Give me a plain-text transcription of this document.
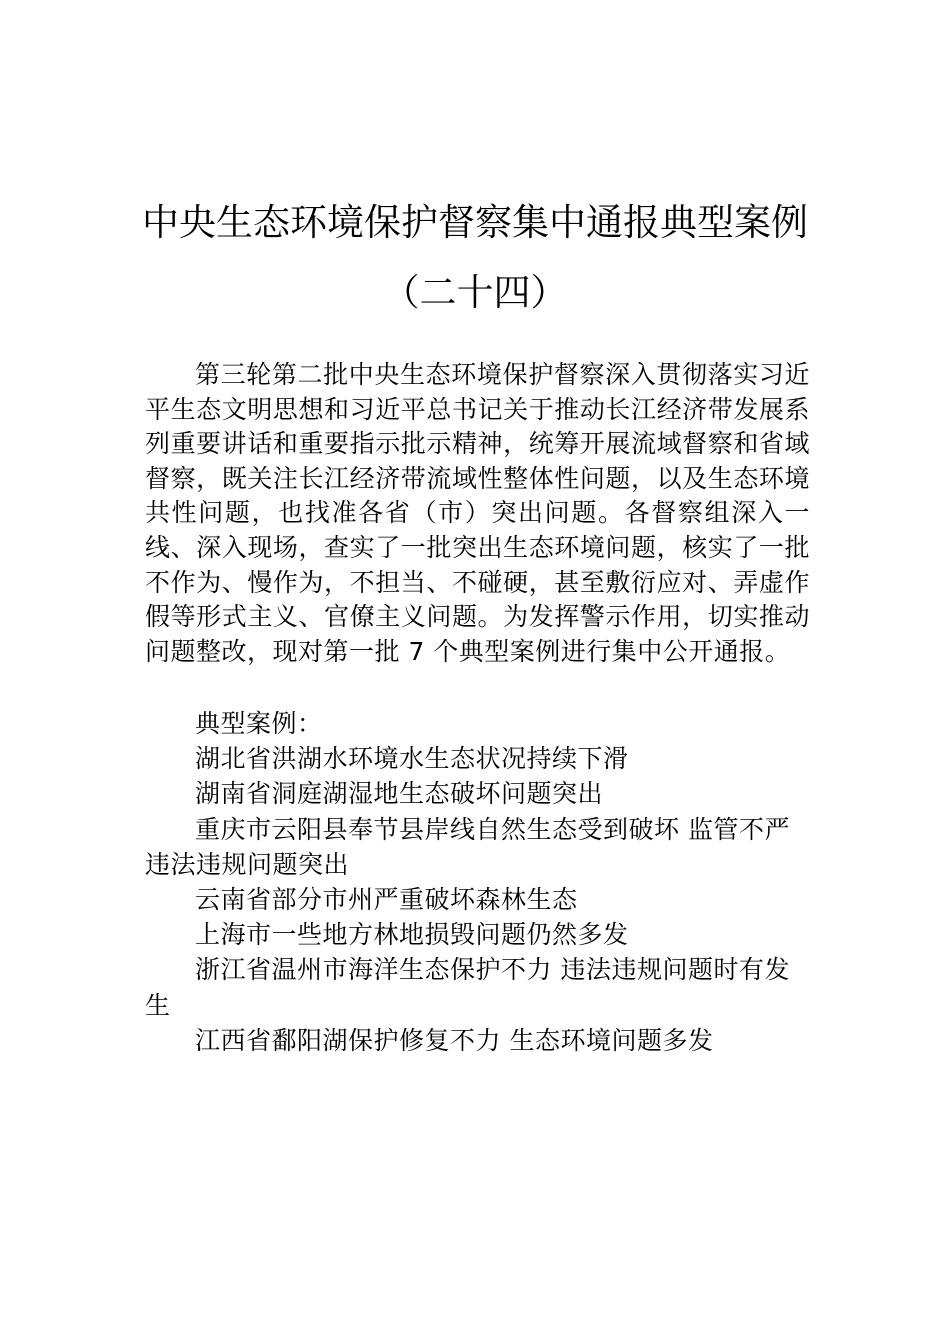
中央生态环境保护督察集中通报典型案例
（二十四）

第三轮第二批中央生态环境保护督察深入贯彻落实习近平生态文明思想和习近平总书记关于推动长江经济带发展系列重要讲话和重要指示批示精神，统筹开展流域督察和省域督察，既关注长江经济带流域性整体性问题，以及生态环境共性问题，也找准各省（市）突出问题。各督察组深入一线、深入现场，查实了一批突出生态环境问题，核实了一批不作为、慢作为，不担当、不碰硬，甚至敷衍应对、弄虚作假等形式主义、官僚主义问题。为发挥警示作用，切实推动问题整改，现对第一批 7 个典型案例进行集中公开通报。

典型案例：
湖北省洪湖水环境水生态状况持续下滑
湖南省洞庭湖湿地生态破坏问题突出
重庆市云阳县奉节县岸线自然生态受到破坏 监管不严违法违规问题突出
云南省部分市州严重破坏森林生态
上海市一些地方林地损毁问题仍然多发
浙江省温州市海洋生态保护不力 违法违规问题时有发生
江西省鄱阳湖保护修复不力 生态环境问题多发
